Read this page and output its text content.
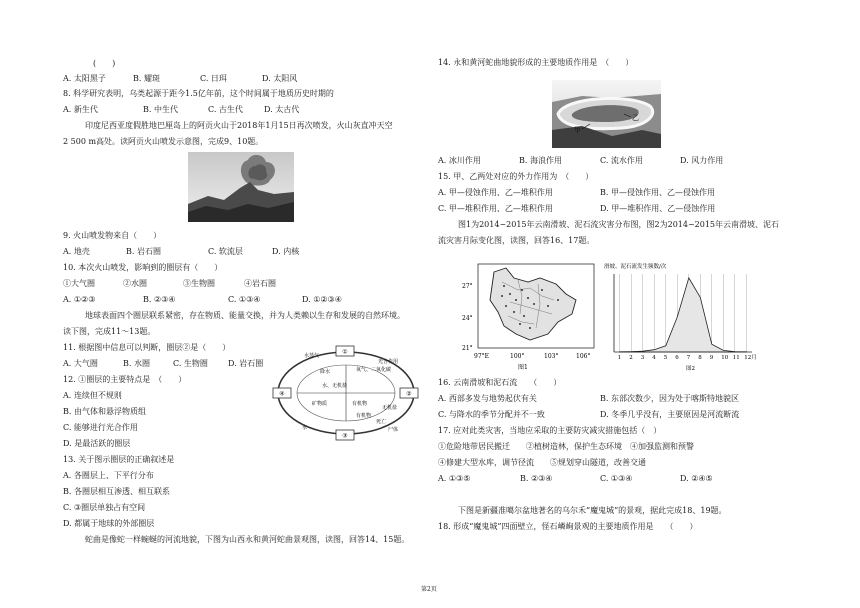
(　　)
A. 太阳黑子	B. 耀斑	C. 日珥	D. 太阳风
8. 科学研究表明，乌类起源于距今1.5亿年前，这个时间属于地质历史时期的
A. 新生代	B. 中生代	C. 古生代	D. 太古代
印度尼西亚度假胜地巴厘岛上的阿贡火山于2018年1月15日再次喷发，火山灰直冲天空
2 500 m高处。读阿贡火山喷发示意图，完成9、10题。
9. 火山喷发物来自（　　）
A. 地壳	B. 岩石圈	C. 软流层	D. 内核
10. 本次火山喷发，影响到的圈层有（　　）
①大气圈	②水圈	③生物圈	④岩石圈
A. ①②③	B. ②③④	C. ①③④	D. ①②③④
地球表面四个圈层联系紧密，存在物质、能量交换，并为人类赖以生存和发展的自然环境。
读下图，完成11～13题。
11. 根据图中信息可以判断，圈层②是（　　）
A. 大气圈	B. 水圈	C. 生物圈	D. 岩石圈
12. ①圈层的主要特点是　（　　）
A. 连续但不规则
B. 由气体和悬浮物质组
C. 能够进行光合作用
D. 是最活跃的圈层
①
④	②
③
水蒸气
降水
水、无机盐
氧气、二氧化碳
光合作用
矿物质	有机物
无机盐
水
有机物
死亡
尸体
13. 关于图示圈层的正确叙述是
A. 各圈层上、下平行分布
B. 各圈层相互渗透、相互联系
C. ③圈层单独占有空间
D. 都属于地球的外部圈层
蛇曲是像蛇一样蜿蜒的河流地貌，下图为山西永和黄河蛇曲景观图，读图，回答14、15题。
14. 永和黄河蛇曲地貌形成的主要地质作用是　（　　）
甲
乙
A. 冰川作用	B. 海浪作用	C. 流水作用	D. 风力作用
15. 甲、乙两处对应的外力作用为　（　　）
A. 甲—侵蚀作用、乙—堆积作用	B. 甲—侵蚀作用、乙—侵蚀作用
C. 甲—堆积作用、乙—堆积作用	D. 甲—堆积作用、乙—侵蚀作用
图1为2014~2015年云南滑坡、泥石流灾害分布图，图2为2014~2015年云南滑坡、泥石
流灾害月际变化图，读图，回答16、17题。
27°
24°
21°
97°E	100°	103°	106°
图1
滑坡、泥石流发生频数/次
1 2 3 4 5 6 7 8 9 10 11 12月
图2
16. 云南滑坡和泥石流　　（　　）
A. 西部多发与地势起伏有关	B. 东部次数少，因为处于喀斯特地貌区
C. 与降水的季节分配并不一致	D. 冬季几乎没有，主要原因是河流断流
17. 应对此类灾害，当地应采取的主要防灾减灾措施包括（　）
①危险地带居民搬迁　　②植树造林，保护生态环境　④加强监测和预警
④修建大型水库，调节径流　　⑤规划穿山隧道，改善交通
A. ①③⑤	B. ②③④	C. ①③④	D. ②④⑤
下图是新疆准噶尔盆地著名的乌尔禾“魔鬼城”的景观，据此完成18、19题。
18. 形成“魔鬼城”四面壁立，怪石嶙峋景观的主要地质作用是　　（　　）
第2页
